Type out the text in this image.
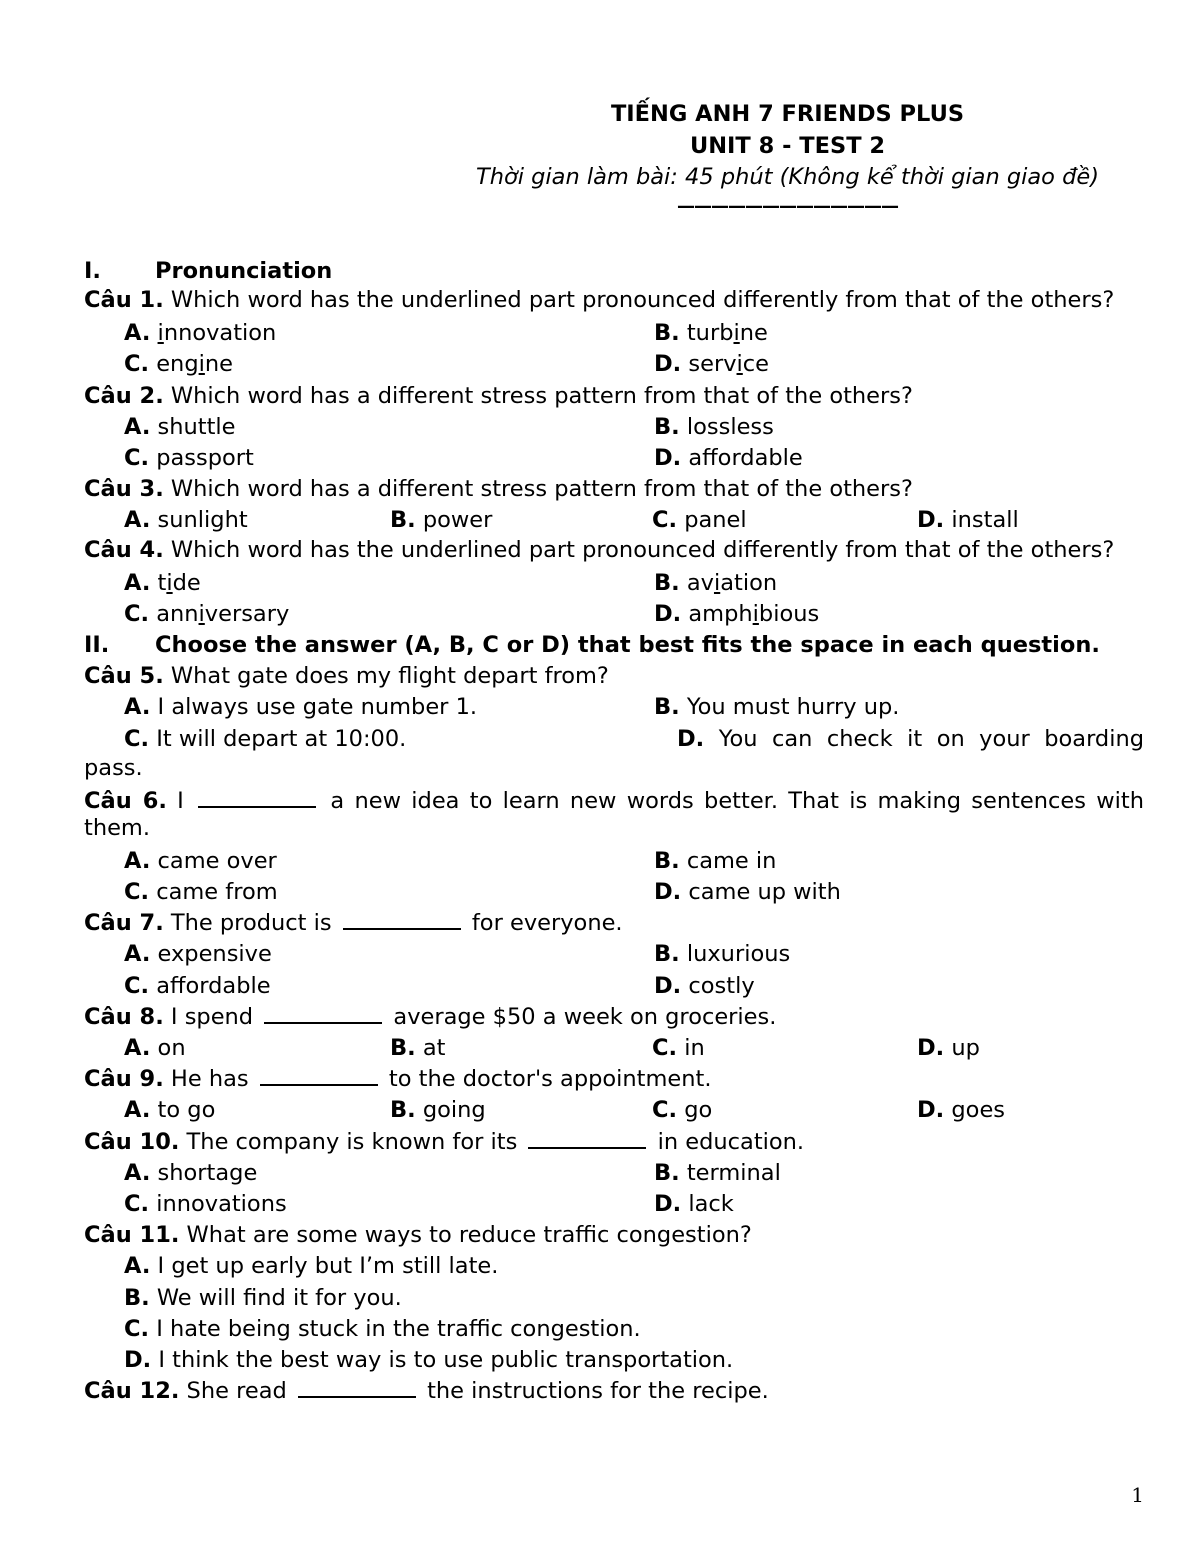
TIẾNG ANH 7 FRIENDS PLUS
UNIT 8 - TEST 2
Thời gian làm bài: 45 phút (Không kể thời gian giao đề)
—————————————
I.	Pronunciation
Câu 1. Which word has the underlined part pronounced differently from that of the others?
A. innovation	B. turbine
C. engine	D. service
Câu 2. Which word has a different stress pattern from that of the others?
A. shuttle	B. lossless
C. passport	D. affordable
Câu 3. Which word has a different stress pattern from that of the others?
A. sunlight	B. power	C. panel	D. install
Câu 4. Which word has the underlined part pronounced differently from that of the others?
A. tide	B. aviation
C. anniversary	D. amphibious
II.	Choose the answer (A, B, C or D) that best fits the space in each question.
Câu 5. What gate does my flight depart from?
A. I always use gate number 1.	B. You must hurry up.
C. It will depart at 10:00.	D. You can check it on your boarding
pass.
Câu 6. I	a new idea to learn new words better. That is making sentences with them.
A. came over	B. came in
C. came from	D. came up with
Câu 7. The product is	for everyone.
A. expensive	B. luxurious
C. affordable	D. costly
Câu 8. I spend	average $50 a week on groceries.
A. on	B. at	C. in	D. up
Câu 9. He has	to the doctor's appointment.
A. to go	B. going	C. go	D. goes
Câu 10. The company is known for its	in education.
A. shortage	B. terminal
C. innovations	D. lack
Câu 11. What are some ways to reduce traffic congestion?
A. I get up early but I’m still late.
B. We will find it for you.
C. I hate being stuck in the traffic congestion.
D. I think the best way is to use public transportation.
Câu 12. She read	the instructions for the recipe.
1
